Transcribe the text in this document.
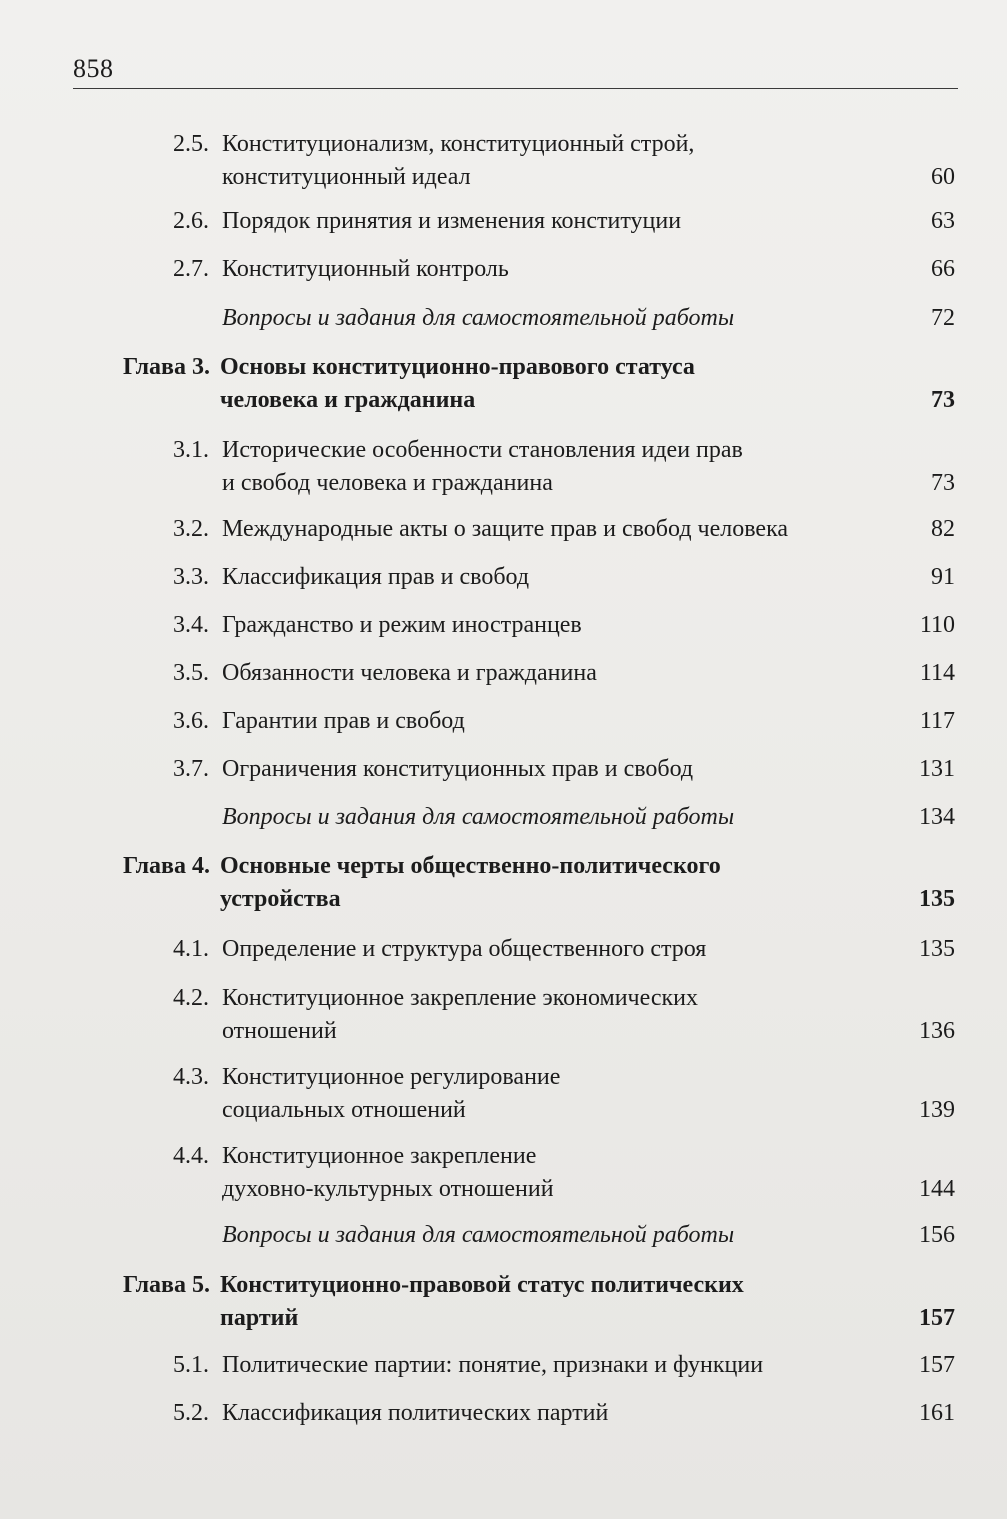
858
2.5. Конституционализм, конституционный строй,
конституционный идеал	60
2.6. Порядок принятия и изменения конституции	63
2.7. Конституционный контроль	66
Вопросы и задания для самостоятельной работы	72
Глава 3. Основы конституционно-правового статуса
человека и гражданина	73
3.1. Исторические особенности становления идеи прав
и свобод человека и гражданина	73
3.2. Международные акты о защите прав и свобод человека	82
3.3. Классификация прав и свобод	91
3.4. Гражданство и режим иностранцев	110
3.5. Обязанности человека и гражданина	114
3.6. Гарантии прав и свобод	117
3.7. Ограничения конституционных прав и свобод	131
Вопросы и задания для самостоятельной работы	134
Глава 4. Основные черты общественно-политического
устройства	135
4.1. Определение и структура общественного строя	135
4.2. Конституционное закрепление экономических
отношений	136
4.3. Конституционное регулирование
социальных отношений	139
4.4. Конституционное закрепление
духовно-культурных отношений	144
Вопросы и задания для самостоятельной работы	156
Глава 5. Конституционно-правовой статус политических
партий	157
5.1. Политические партии: понятие, признаки и функции	157
5.2. Классификация политических партий	161
